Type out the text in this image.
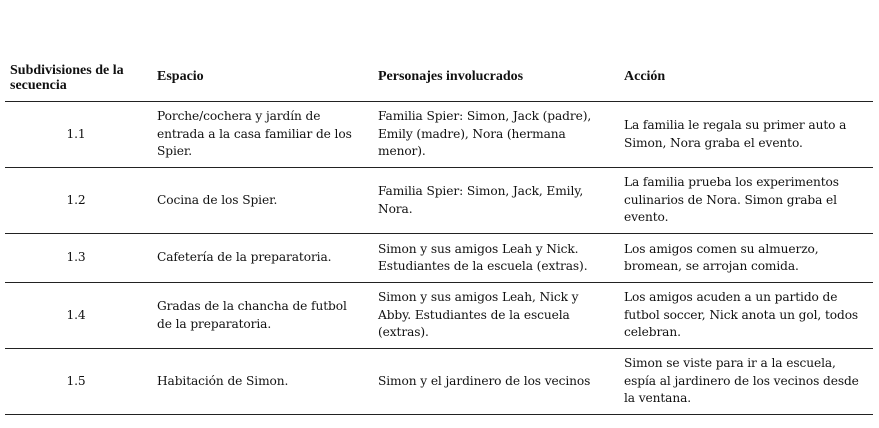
Subdivisiones de la secuencia	Espacio	Personajes involucrados	Acción
1.1	Porche/cochera y jardín de entrada a la casa familiar de los Spier.	Familia Spier: Simon, Jack (padre), Emily (madre), Nora (hermana menor).	La familia le regala su primer auto a Simon, Nora graba el evento.
1.2	Cocina de los Spier.	Familia Spier: Simon, Jack, Emily, Nora.	La familia prueba los experimentos culinarios de Nora. Simon graba el evento.
1.3	Cafetería de la preparatoria.	Simon y sus amigos Leah y Nick. Estudiantes de la escuela (extras).	Los amigos comen su almuerzo, bromean, se arrojan comida.
1.4	Gradas de la chancha de futbol de la preparatoria.	Simon y sus amigos Leah, Nick y Abby. Estudiantes de la escuela (extras).	Los amigos acuden a un partido de futbol soccer, Nick anota un gol, todos celebran.
1.5	Habitación de Simon.	Simon y el jardinero de los vecinos	Simon se viste para ir a la escuela, espía al jardinero de los vecinos desde la ventana.
